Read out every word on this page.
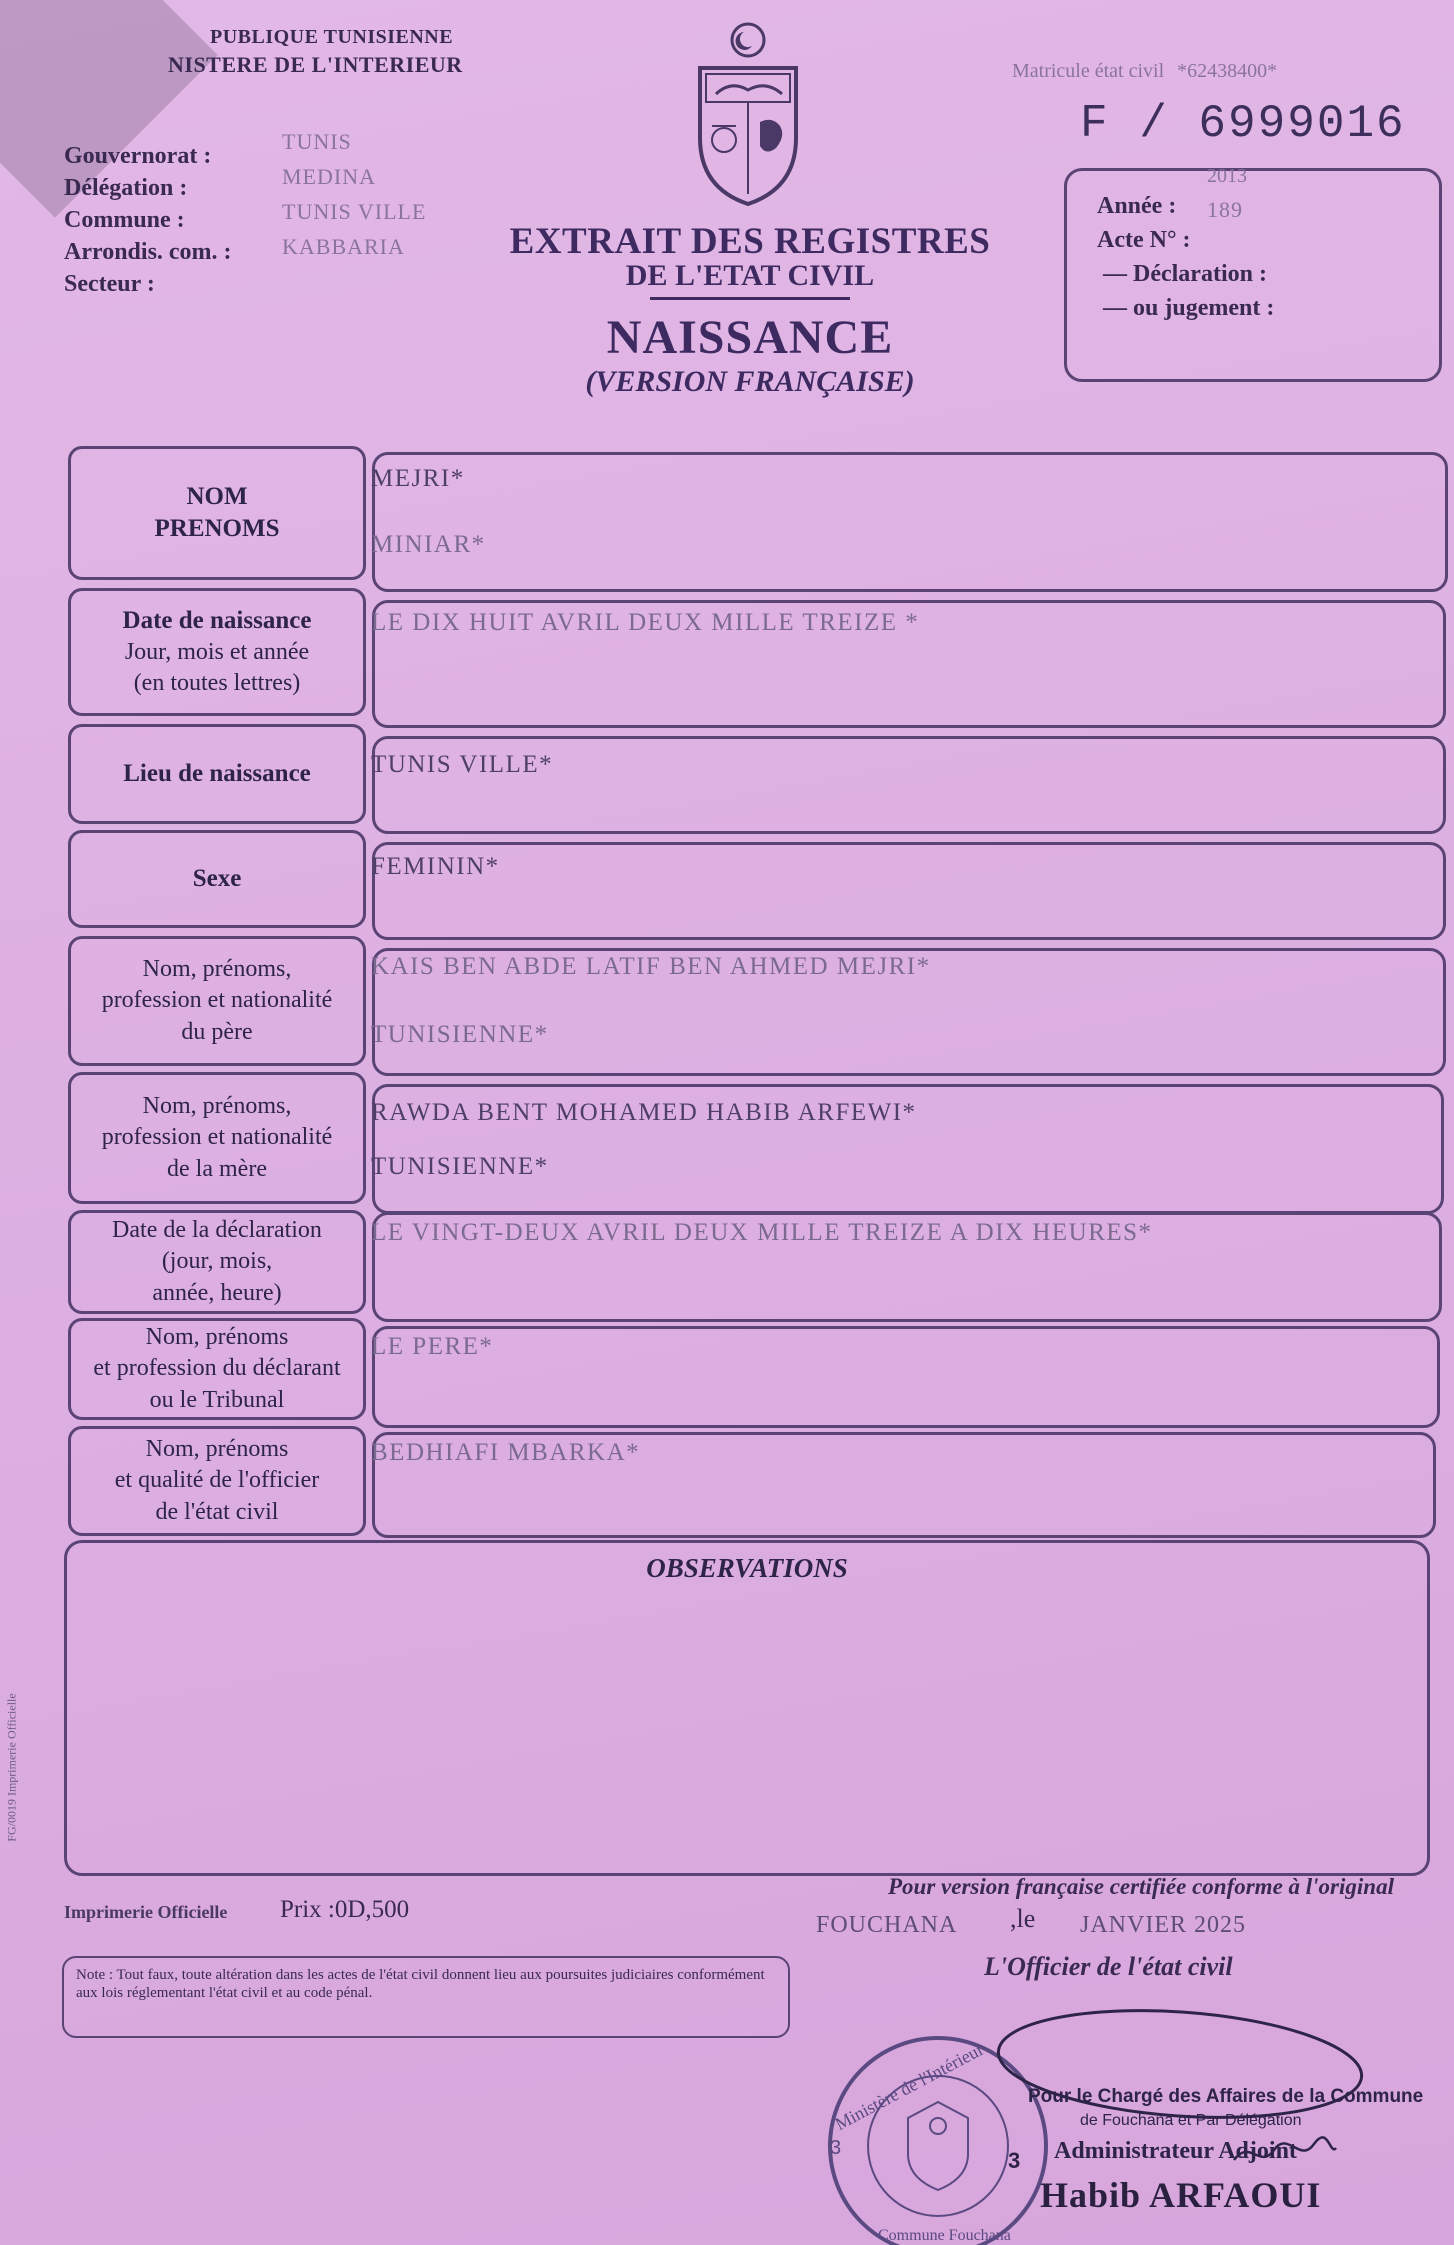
PUBLIQUE TUNISIENNE
NISTERE DE L'INTERIEUR
Gouvernorat :
Délégation :
Commune :
Arrondis. com. :
Secteur :
TUNIS
MEDINA
TUNIS VILLE
KABBARIA
Matricule état civil *62438400*
F / 6999016
2013
Année : 189
Acte N° :
— Déclaration :
— ou jugement :
EXTRAIT DES REGISTRES
DE L'ETAT CIVIL
NAISSANCE
(VERSION FRANÇAISE)
NOM
PRENOMS
MEJRI*
MINIAR*
Date de naissance
Jour, mois et année
(en toutes lettres)
LE DIX HUIT AVRIL DEUX MILLE TREIZE *
Lieu de naissance TUNIS VILLE*
Sexe	FEMININ*
Nom, prénoms,
profession et nationalité
du père
KAIS BEN ABDE LATIF BEN AHMED MEJRI*
TUNISIENNE*
Nom, prénoms,
profession et nationalité
de la mère
RAWDA BENT MOHAMED HABIB ARFEWI*
TUNISIENNE*
Date de la déclaration
(jour, mois,
année, heure)
LE VINGT-DEUX AVRIL DEUX MILLE TREIZE A DIX HEURES*
Nom, prénoms
et profession du déclarant
ou le Tribunal
LE PERE*
Nom, prénoms
et qualité de l'officier
de l'état civil
BEDHIAFI MBARKA*
OBSERVATIONS
FG/0019 Imprimerie Officielle
Pour version française certifiée conforme à l'original
Imprimerie Officielle Prix :0D,500
FOUCHANA ,le JANVIER 2025
L'Officier de l'état civil
Note : Tout faux, toute altération dans les actes de l'état civil donnent lieu aux poursuites judiciaires conformément aux lois réglementant l'état civil et au code pénal.
Ministère de l'Intérieur
Commune Fouchana
3	3
Pour le Chargé des Affaires de la Commune
de Fouchana et Par Délégation
Administrateur Adjoint
Habib ARFAOUI
